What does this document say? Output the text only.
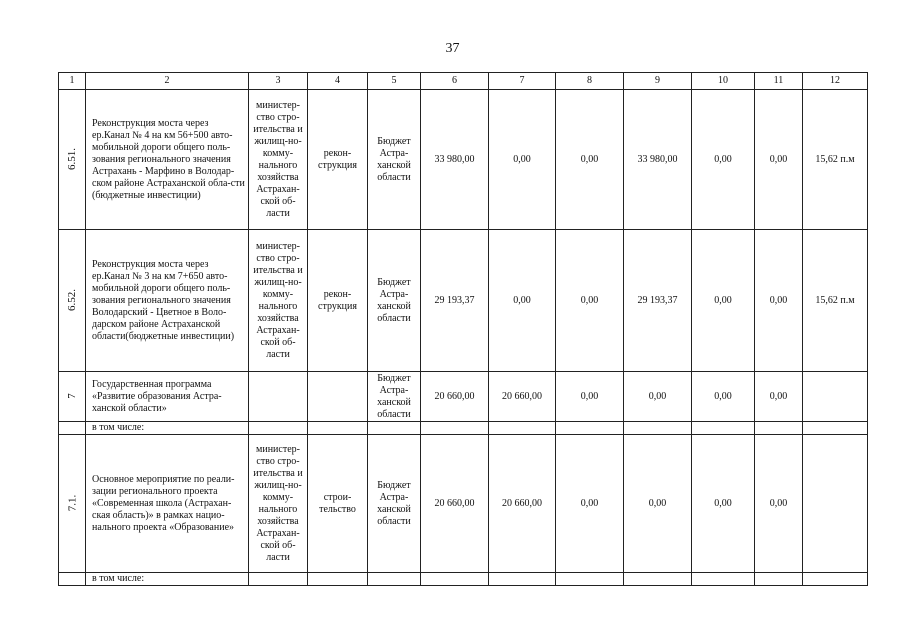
37
1	2	3	4	5	6	7	8	9	10	11	12
6.51.	Реконструкция моста через ер.Канал № 4 на км 56+500 авто-мобильной дороги общего поль-зования регионального значения Астрахань - Марфино в Володар-ском районе Астраханской обла-сти (бюджетные инвестиции)	министер-ство стро-ительства и жилищ-но-комму-нального хозяйства Астрахан-ской об-ласти	рекон-струкция	Бюджет Астра-ханской области	33 980,00	0,00	0,00	33 980,00	0,00	0,00	15,62 п.м
6.52.	Реконструкция моста через ер.Канал № 3 на км 7+650 авто-мобильной дороги общего поль-зования регионального значения Володарский - Цветное в Воло-дарском районе Астраханской области(бюджетные инвестиции)	министер-ство стро-ительства и жилищ-но-комму-нального хозяйства Астрахан-ской об-ласти	рекон-струкция	Бюджет Астра-ханской области	29 193,37	0,00	0,00	29 193,37	0,00	0,00	15,62 п.м
7	Государственная программа «Развитие образования Астра-ханской области»			Бюджет Астра-ханской области	20 660,00	20 660,00	0,00	0,00	0,00	0,00	
	в том числе:										
7.1.	Основное мероприятие по реали-зации регионального проекта «Современная школа (Астрахан-ская область)» в рамках нацио-нального проекта «Образование»	министер-ство стро-ительства и жилищ-но-комму-нального хозяйства Астрахан-ской об-ласти	строи-тельство	Бюджет Астра-ханской области	20 660,00	20 660,00	0,00	0,00	0,00	0,00	
	в том числе:										
